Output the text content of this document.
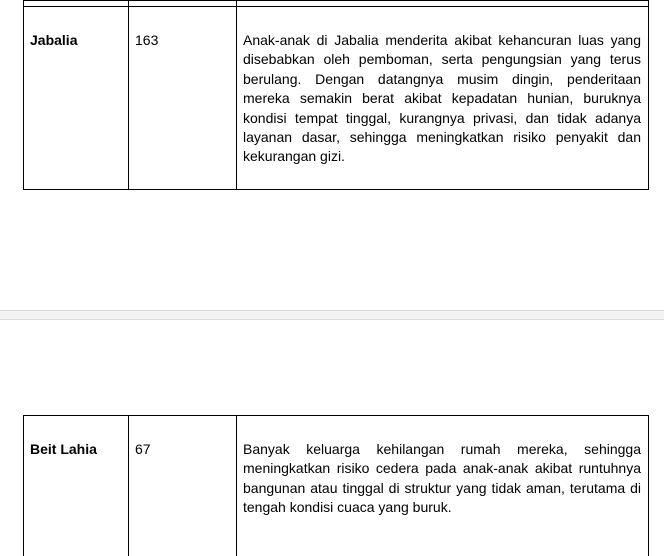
Jabalia	163	Anak-anak di Jabalia menderita akibat kehancuran luas yang disebabkan oleh pemboman, serta pengungsian yang terus berulang. Dengan datangnya musim dingin, penderitaan mereka semakin berat akibat kepadatan hunian, buruknya kondisi tempat tinggal, kurangnya privasi, dan tidak adanya layanan dasar, sehingga meningkatkan risiko penyakit dan kekurangan gizi.
Beit Lahia	67	Banyak keluarga kehilangan rumah mereka, sehingga meningkatkan risiko cedera pada anak-anak akibat runtuhnya bangunan atau tinggal di struktur yang tidak aman, terutama di tengah kondisi cuaca yang buruk.
